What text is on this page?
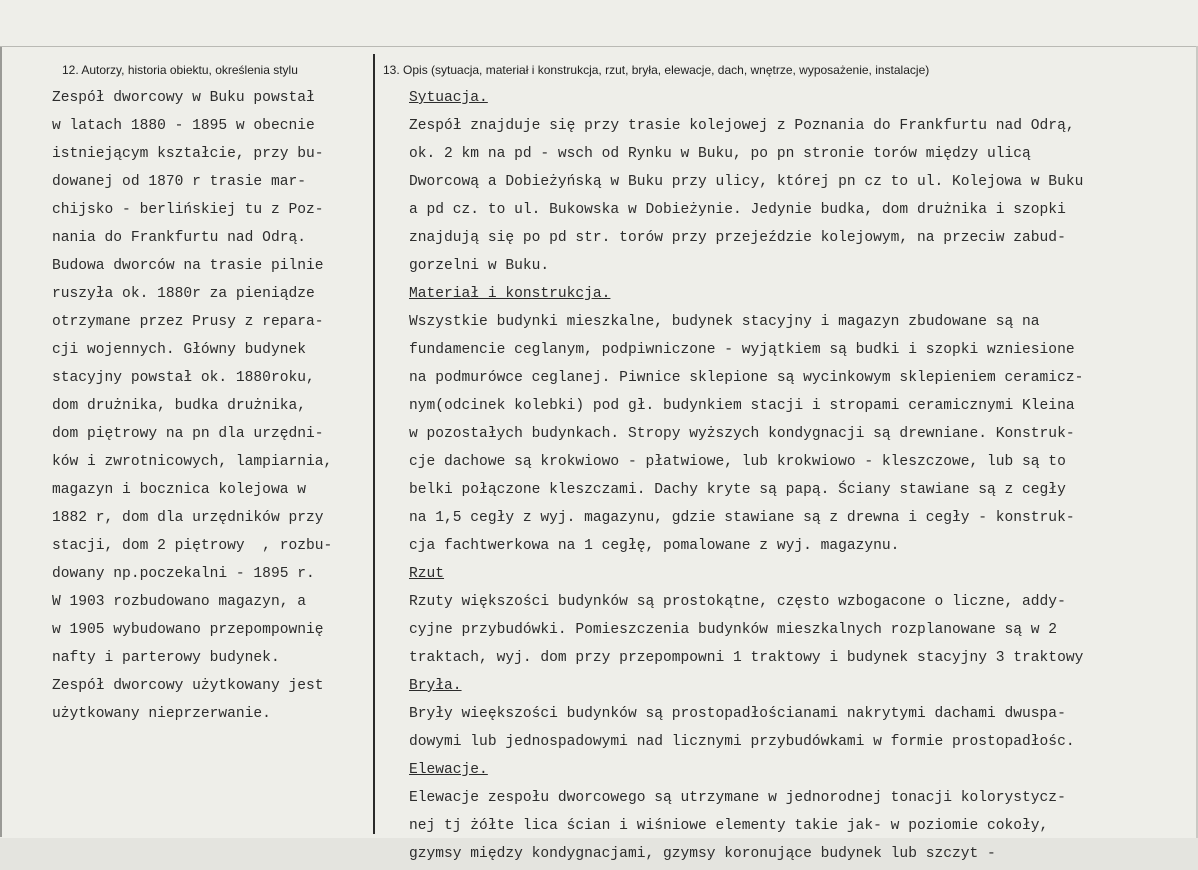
12. Autorzy, historia obiektu, określenia stylu	13. Opis (sytuacja, materiał i konstrukcja, rzut, bryła, elewacje, dach, wnętrze, wyposażenie, instalacje)
Zespół dworcowy w Buku powstał
w latach 1880 - 1895 w obecnie
istniejącym kształcie, przy bu-
dowanej od 1870 r trasie mar-
chijsko - berlińskiej tu z Poz-
nania do Frankfurtu nad Odrą.
Budowa dworców na trasie pilnie
ruszyła ok. 1880r za pieniądze
otrzymane przez Prusy z repara-
cji wojennych. Główny budynek
stacyjny powstał ok. 1880roku,
dom drużnika, budka drużnika,
dom piętrowy na pn dla urzędni-
ków i zwrotnicowych, lampiarnia,
magazyn i bocznica kolejowa w
1882 r, dom dla urzędników przy
stacji, dom 2 piętrowy  , rozbu-
dowany np.poczekalni - 1895 r.
W 1903 rozbudowano magazyn, a
w 1905 wybudowano przepompownię
nafty i parterowy budynek.
Zespół dworcowy użytkowany jest
użytkowany nieprzerwanie.
Sytuacja.
Zespół znajduje się przy trasie kolejowej z Poznania do Frankfurtu nad Odrą,
ok. 2 km na pd - wsch od Rynku w Buku, po pn stronie torów między ulicą
Dworcową a Dobieżyńską w Buku przy ulicy, której pn cz to ul. Kolejowa w Buku
a pd cz. to ul. Bukowska w Dobieżynie. Jedynie budka, dom drużnika i szopki
znajdują się po pd str. torów przy przejeździe kolejowym, na przeciw zabud-
gorzelni w Buku.
Materiał i konstrukcja.
Wszystkie budynki mieszkalne, budynek stacyjny i magazyn zbudowane są na
fundamencie ceglanym, podpiwniczone - wyjątkiem są budki i szopki wzniesione
na podmurówce ceglanej. Piwnice sklepione są wycinkowym sklepieniem ceramicz-
nym(odcinek kolebki) pod gł. budynkiem stacji i stropami ceramicznymi Kleina
w pozostałych budynkach. Stropy wyższych kondygnacji są drewniane. Konstruk-
cje dachowe są krokwiowo - płatwiowe, lub krokwiowo - kleszczowe, lub są to
belki połączone kleszczami. Dachy kryte są papą. Ściany stawiane są z cegły
na 1,5 cegły z wyj. magazynu, gdzie stawiane są z drewna i cegły - konstruk-
cja fachtwerkowa na 1 cegłę, pomalowane z wyj. magazynu.
Rzut
Rzuty większości budynków są prostokątne, często wzbogacone o liczne, addy-
cyjne przybudówki. Pomieszczenia budynków mieszkalnych rozplanowane są w 2
traktach, wyj. dom przy przepompowni 1 traktowy i budynek stacyjny 3 traktowy
Bryła.
Bryły wieększości budynków są prostopadłościanami nakrytymi dachami dwuspa-
dowymi lub jednospadowymi nad licznymi przybudówkami w formie prostopadłośc.
Elewacje.
Elewacje zespołu dworcowego są utrzymane w jednorodnej tonacji kolorystycz-
nej tj żółte lica ścian i wiśniowe elementy takie jak- w poziomie cokoły,
gzymsy między kondygnacjami, gzymsy koronujące budynek lub szczyt -
